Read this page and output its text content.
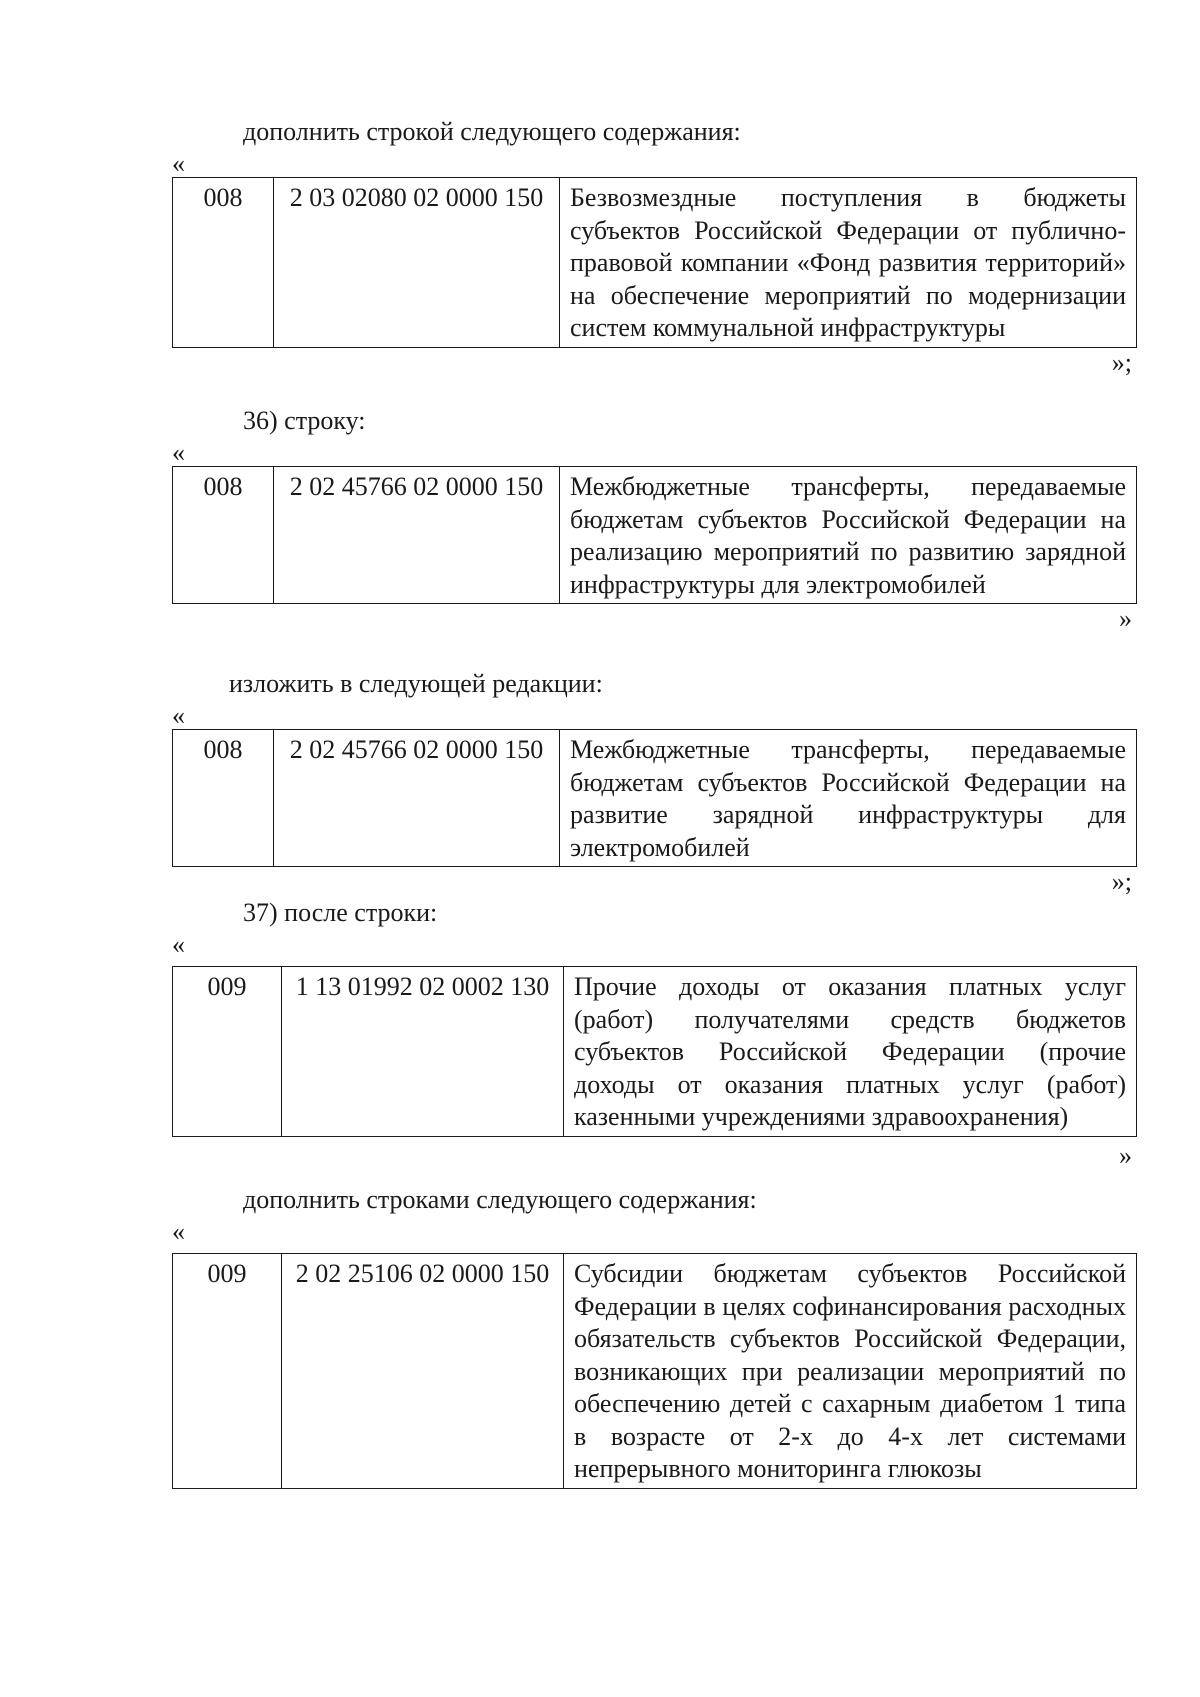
дополнить строкой следующего содержания:
«
008	2 03 02080 02 0000 150	Безвозмездные поступления в бюджеты субъектов Российской Федерации от публично-правовой компании «Фонд развития территорий» на обеспечение мероприятий по модернизации систем коммунальной инфраструктуры
»;
36) строку:
«
008	2 02 45766 02 0000 150	Межбюджетные трансферты, передаваемые бюджетам субъектов Российской Федерации на реализацию мероприятий по развитию зарядной инфраструктуры для электромобилей
»
изложить в следующей редакции:
«
008	2 02 45766 02 0000 150	Межбюджетные трансферты, передаваемые бюджетам субъектов Российской Федерации на развитие зарядной инфраструктуры для электромобилей
»;
37) после строки:
«
009	1 13 01992 02 0002 130	Прочие доходы от оказания платных услуг (работ) получателями средств бюджетов субъектов Российской Федерации (прочие доходы от оказания платных услуг (работ) казенными учреждениями здравоохранения)
»
дополнить строками следующего содержания:
«
009	2 02 25106 02 0000 150	Субсидии бюджетам субъектов Российской Федерации в целях софинансирования расходных обязательств субъектов Российской Федерации, возникающих при реализации мероприятий по обеспечению детей с сахарным диабетом 1 типа в возрасте от 2-х до 4-х лет системами непрерывного мониторинга глюкозы
